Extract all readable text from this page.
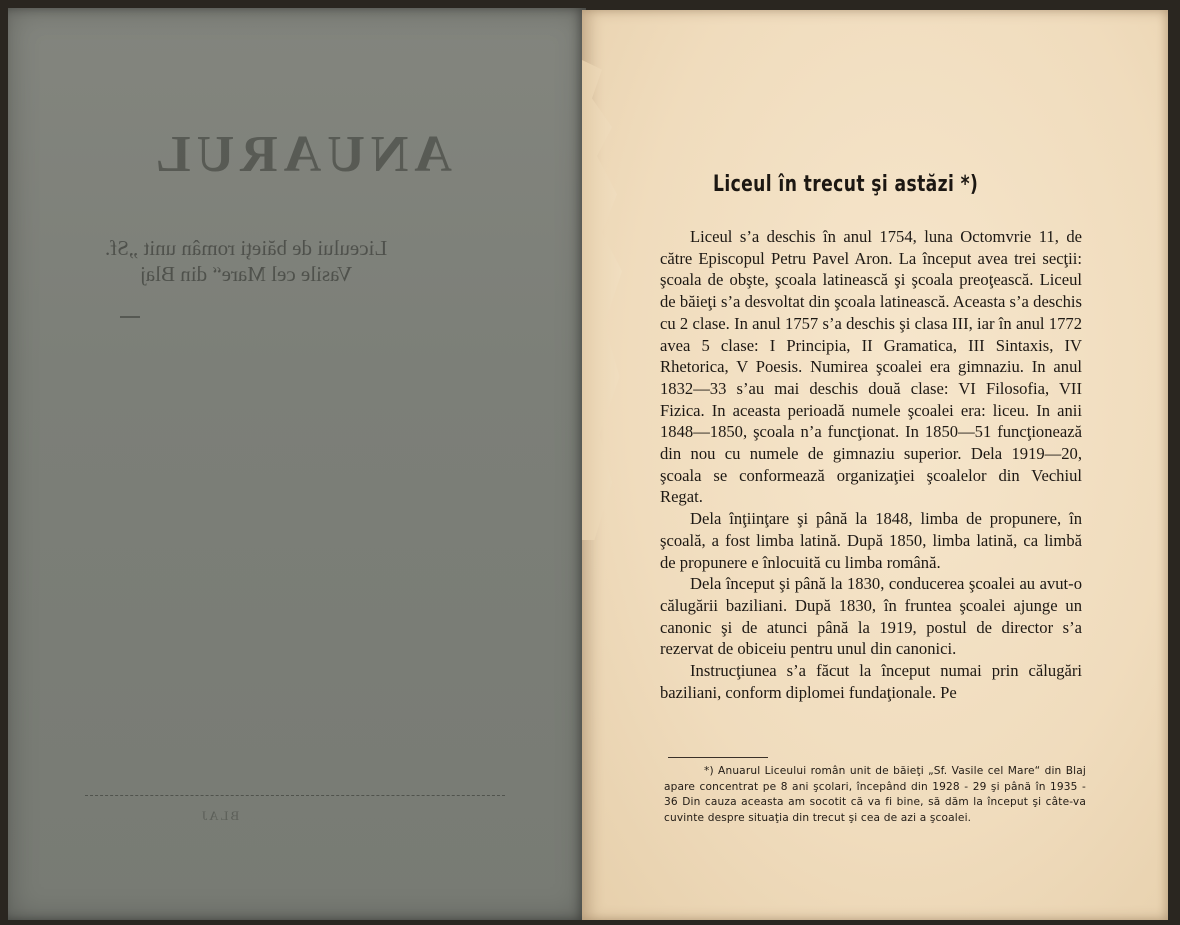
ANUARUL
Liceului de băieţi român unit „Sf.
Vasile cel Mare“ din Blaj
BLAJ
Liceul în trecut şi astăzi *)

Liceul s’a deschis în anul 1754, luna Octomvrie 11, de către Episcopul Petru Pavel Aron. La început avea trei secţii: şcoala de obşte, şcoala latinească şi şcoala preoţească. Liceul de băieţi s’a desvoltat din şcoala latinească. Aceasta s’a deschis cu 2 clase. In anul 1757 s’a deschis şi clasa III, iar în anul 1772 avea 5 clase: I Principia, II Gramatica, III Sintaxis, IV Rhetorica, V Poesis. Numirea şcoalei era gimnaziu. In anul 1832—33 s’au mai deschis două clase: VI Filosofia, VII Fizica. In aceasta perioadă numele şcoalei era: liceu. In anii 1848—1850, şcoala n’a funcţionat. In 1850—51 funcţionează din nou cu numele de gimnaziu superior. Dela 1919—20, şcoala se conformează organizaţiei şcoalelor din Vechiul Regat.

Dela înţiinţare şi până la 1848, limba de propunere, în şcoală, a fost limba latină. După 1850, limba latină, ca limbă de propunere e înlocuită cu limba română.

Dela început şi până la 1830, conducerea şcoalei au avut-o călugării baziliani. După 1830, în fruntea şcoalei ajunge un canonic şi de atunci până la 1919, postul de director s’a rezervat de obiceiu pentru unul din canonici.

Instrucţiunea s’a făcut la început numai prin călugări baziliani, conform diplomei fundaţionale. Pe

*) Anuarul Liceului român unit de băieţi „Sf. Vasile cel Mare“ din Blaj apare concentrat pe 8 ani şcolari, începând din 1928 - 29 şi până în 1935 - 36 Din cauza aceasta am socotit că va fi bine, să dăm la început şi câte-va cuvinte despre situaţia din trecut şi cea de azi a şcoalei.
